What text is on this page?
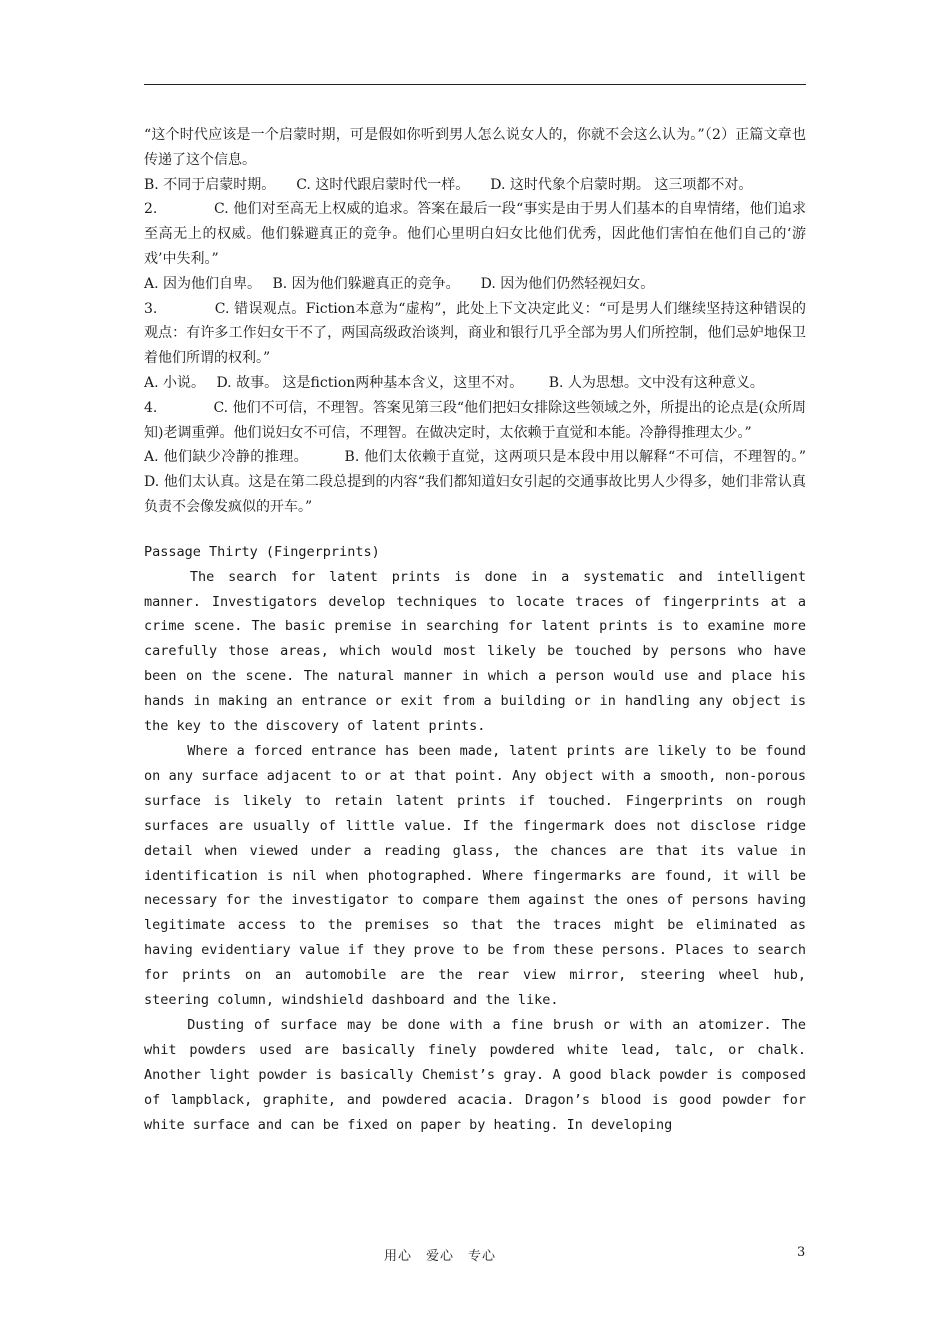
“这个时代应该是一个启蒙时期，可是假如你听到男人怎么说女人的，你就不会这么认为。”（2）正篇文章也传递了这个信息。

B. 不同于启蒙时期。　　C. 这时代跟启蒙时代一样。　　D. 这时代象个启蒙时期。 这三项都不对。

2.　　　　C. 他们对至高无上权威的追求。答案在最后一段“事实是由于男人们基本的自卑情绪，他们追求至高无上的权威。他们躲避真正的竞争。他们心里明白妇女比他们优秀，因此他们害怕在他们自己的‘游戏’中失利。”

A. 因为他们自卑。　 B. 因为他们躲避真正的竞争。　　D. 因为他们仍然轻视妇女。

3.　　　　C. 错误观点。Fiction本意为“虚构”，此处上下文决定此义：“可是男人们继续坚持这种错误的观点：有许多工作妇女干不了，两国高级政治谈判，商业和银行几乎全部为男人们所控制，他们忌妒地保卫着他们所谓的权利。”

A. 小说。　 D. 故事。 这是fiction两种基本含义，这里不对。　　 B. 人为思想。文中没有这种意义。

4.　　　　C. 他们不可信，不理智。答案见第三段“他们把妇女排除这些领域之外，所提出的论点是(众所周知)老调重弹。他们说妇女不可信，不理智。在做决定时，太依赖于直觉和本能。冷静得推理太少。”

A. 他们缺少冷静的推理。　　　B. 他们太依赖于直觉，这两项只是本段中用以解释“不可信，不理智的。”　　　　D. 他们太认真。这是在第二段总提到的内容“我们都知道妇女引起的交通事故比男人少得多，她们非常认真负责不会像发疯似的开车。”

Passage Thirty (Fingerprints)

The search for latent prints is done in a systematic and intelligent manner. Investigators develop techniques to locate traces of fingerprints at a crime scene. The basic premise in searching for latent prints is to examine more carefully those areas, which would most likely be touched by persons who have been on the scene. The natural manner in which a person would use and place his hands in making an entrance or exit from a building or in handling any object is the key to the discovery of latent prints.

Where a forced entrance has been made, latent prints are likely to be found on any surface adjacent to or at that point. Any object with a smooth, non-porous surface is likely to retain latent prints if touched. Fingerprints on rough surfaces are usually of little value. If the fingermark does not disclose ridge detail when viewed under a reading glass, the chances are that its value in identification is nil when photographed. Where fingermarks are found, it will be necessary for the investigator to compare them against the ones of persons having legitimate access to the premises so that the traces might be eliminated as having evidentiary value if they prove to be from these persons. Places to search for prints on an automobile are the rear view mirror, steering wheel hub, steering column, windshield dashboard and the like.

Dusting of surface may be done with a fine brush or with an atomizer. The whit powders used are basically finely powdered white lead, talc, or chalk. Another light powder is basically Chemist’s gray. A good black powder is composed of lampblack, graphite, and powdered acacia. Dragon’s blood is good powder for white surface and can be fixed on paper by heating. In developing

用心　爱心　专心	3
